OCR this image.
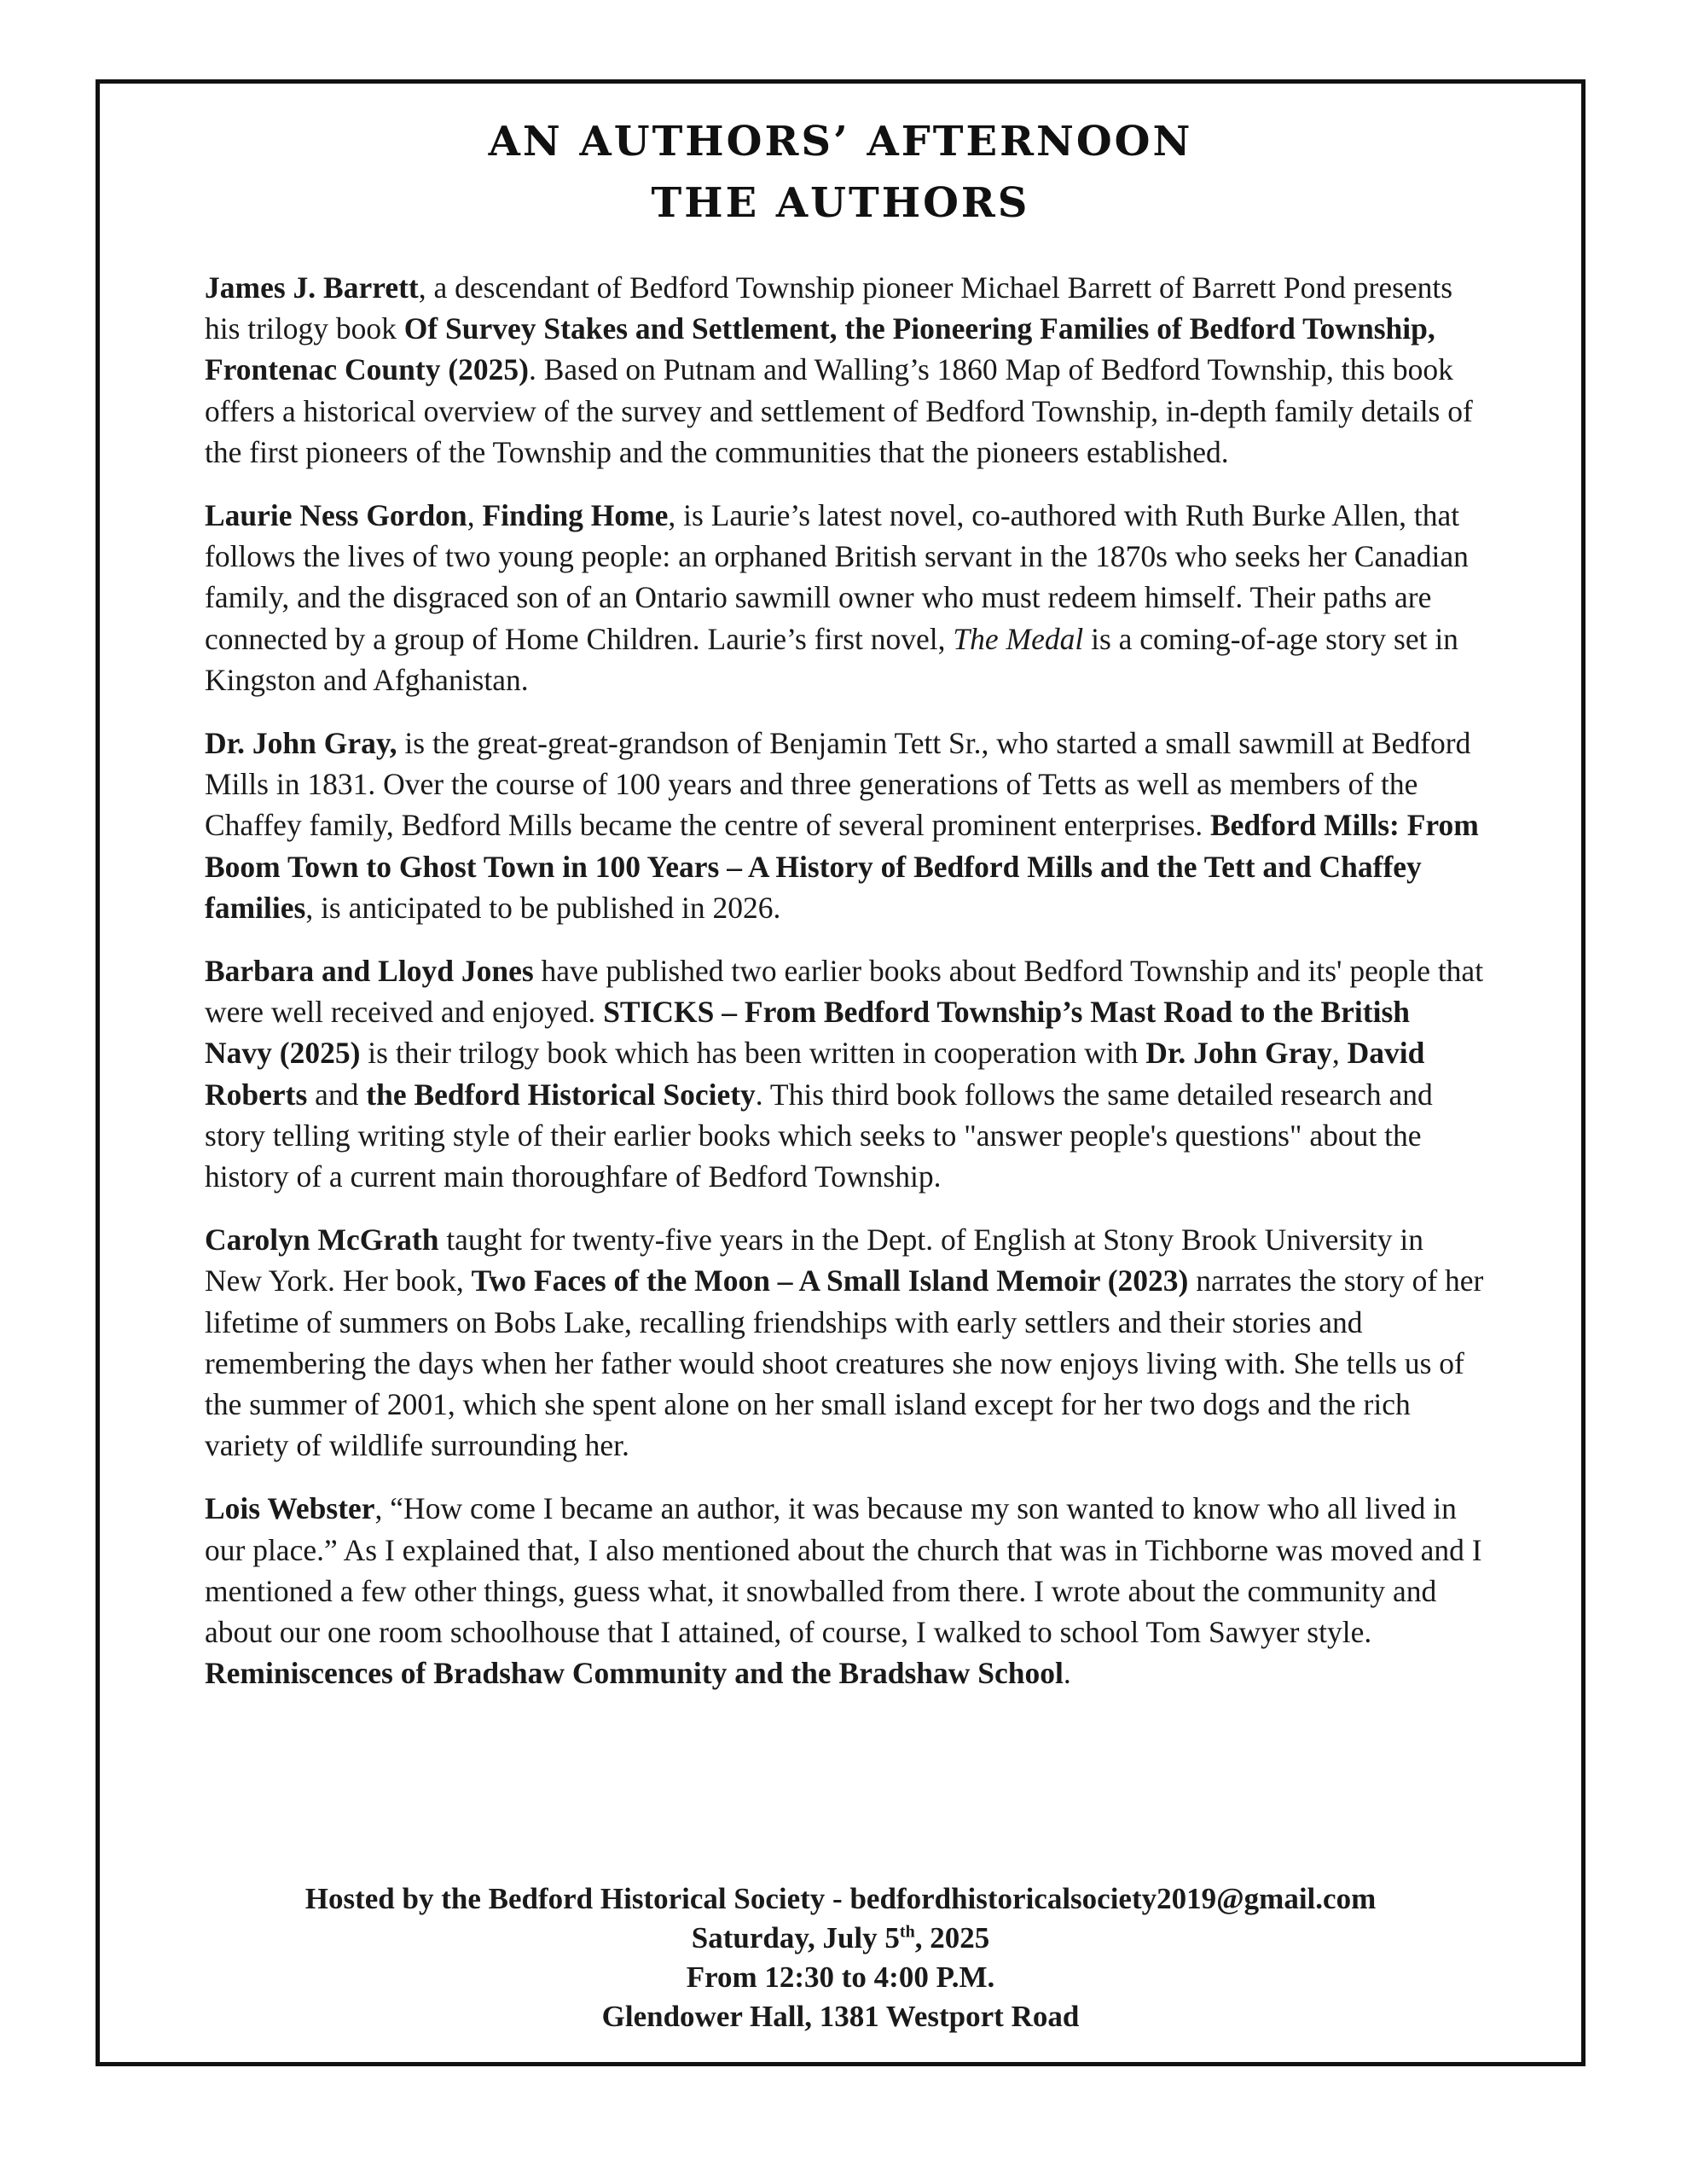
AN AUTHORS’ AFTERNOON
THE AUTHORS

James J. Barrett, a descendant of Bedford Township pioneer Michael Barrett of Barrett Pond presents his trilogy book Of Survey Stakes and Settlement, the Pioneering Families of Bedford Township, Frontenac County (2025). Based on Putnam and Walling’s 1860 Map of Bedford Township, this book offers a historical overview of the survey and settlement of Bedford Township, in-depth family details of the first pioneers of the Township and the communities that the pioneers established.

Laurie Ness Gordon, Finding Home, is Laurie’s latest novel, co-authored with Ruth Burke Allen, that follows the lives of two young people: an orphaned British servant in the 1870s who seeks her Canadian family, and the disgraced son of an Ontario sawmill owner who must redeem himself. Their paths are connected by a group of Home Children. Laurie’s first novel, The Medal is a coming-of-age story set in Kingston and Afghanistan.

Dr. John Gray, is the great-great-grandson of Benjamin Tett Sr., who started a small sawmill at Bedford Mills in 1831. Over the course of 100 years and three generations of Tetts as well as members of the Chaffey family, Bedford Mills became the centre of several prominent enterprises. Bedford Mills: From Boom Town to Ghost Town in 100 Years – A History of Bedford Mills and the Tett and Chaffey families, is anticipated to be published in 2026.

Barbara and Lloyd Jones have published two earlier books about Bedford Township and its' people that were well received and enjoyed. STICKS – From Bedford Township’s Mast Road to the British Navy (2025) is their trilogy book which has been written in cooperation with Dr. John Gray, David Roberts and the Bedford Historical Society. This third book follows the same detailed research and story telling writing style of their earlier books which seeks to "answer people's questions" about the history of a current main thoroughfare of Bedford Township.

Carolyn McGrath taught for twenty-five years in the Dept. of English at Stony Brook University in New York. Her book, Two Faces of the Moon – A Small Island Memoir (2023) narrates the story of her lifetime of summers on Bobs Lake, recalling friendships with early settlers and their stories and remembering the days when her father would shoot creatures she now enjoys living with. She tells us of the summer of 2001, which she spent alone on her small island except for her two dogs and the rich variety of wildlife surrounding her.

Lois Webster, “How come I became an author, it was because my son wanted to know who all lived in our place.” As I explained that, I also mentioned about the church that was in Tichborne was moved and I mentioned a few other things, guess what, it snowballed from there. I wrote about the community and about our one room schoolhouse that I attained, of course, I walked to school Tom Sawyer style. Reminiscences of Bradshaw Community and the Bradshaw School.

Hosted by the Bedford Historical Society - bedfordhistoricalsociety2019@gmail.com
Saturday, July 5th, 2025
From 12:30 to 4:00 P.M.
Glendower Hall, 1381 Westport Road
